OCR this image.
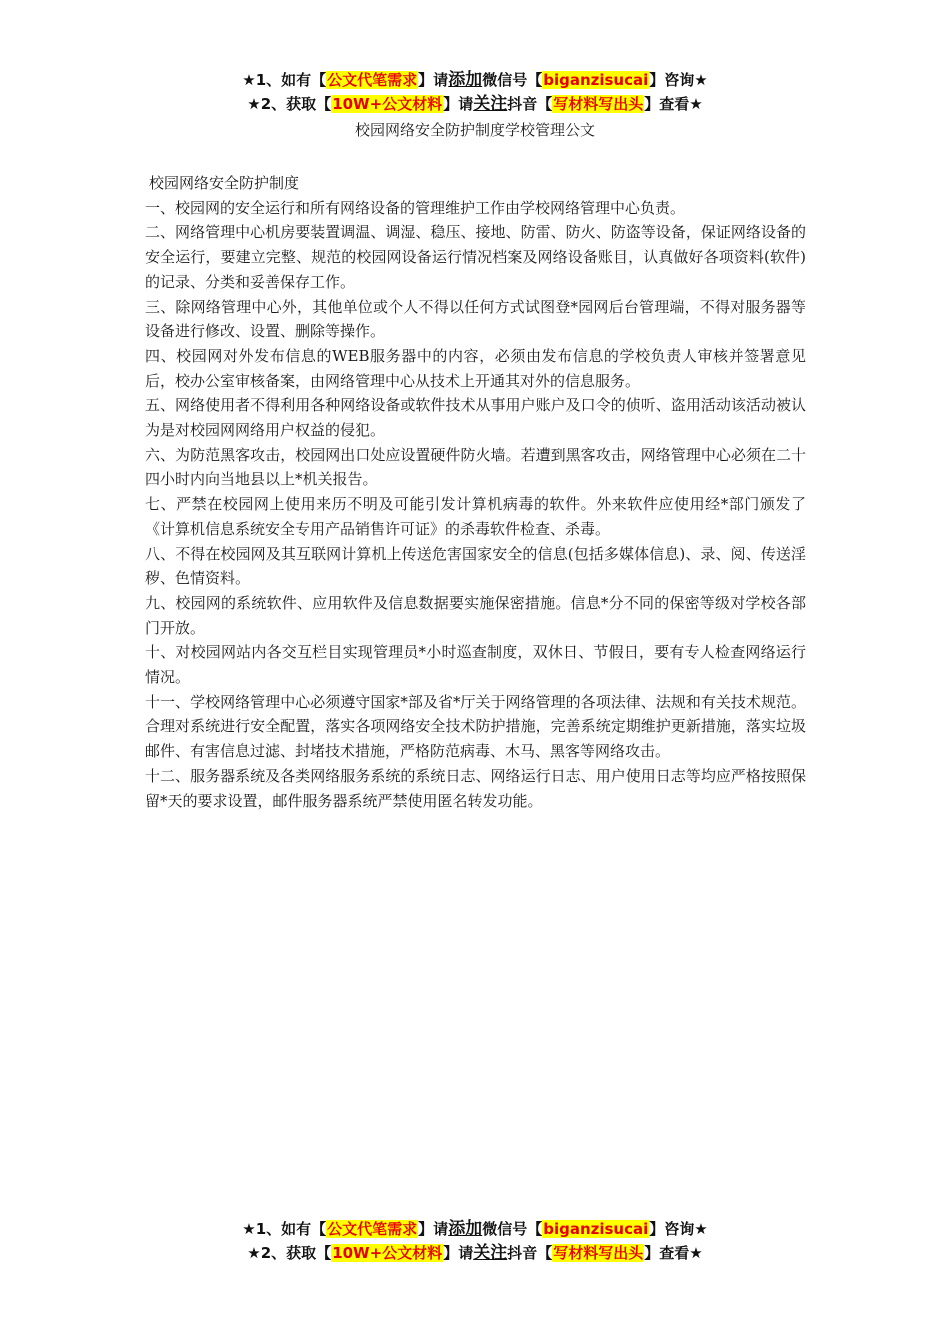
★1、如有【公文代笔需求】请添加微信号【biganzisucai】咨询★
★2、获取【10W+公文材料】请关注抖音【写材料写出头】查看★
校园网络安全防护制度学校管理公文

校园网络安全防护制度

一、校园网的安全运行和所有网络设备的管理维护工作由学校网络管理中心负责。

二、网络管理中心机房要装置调温、调湿、稳压、接地、防雷、防火、防盗等设备，保证网络设备的安全运行，要建立完整、规范的校园网设备运行情况档案及网络设备账目，认真做好各项资料(软件)的记录、分类和妥善保存工作。

三、除网络管理中心外，其他单位或个人不得以任何方式试图登*园网后台管理端，不得对服务器等设备进行修改、设置、删除等操作。

四、校园网对外发布信息的WEB服务器中的内容，必须由发布信息的学校负责人审核并签署意见后，校办公室审核备案，由网络管理中心从技术上开通其对外的信息服务。

五、网络使用者不得利用各种网络设备或软件技术从事用户账户及口令的侦听、盗用活动该活动被认为是对校园网网络用户权益的侵犯。

六、为防范黑客攻击，校园网出口处应设置硬件防火墙。若遭到黑客攻击，网络管理中心必须在二十四小时内向当地县以上*机关报告。

七、严禁在校园网上使用来历不明及可能引发计算机病毒的软件。外来软件应使用经*部门颁发了《计算机信息系统安全专用产品销售许可证》的杀毒软件检查、杀毒。

八、不得在校园网及其互联网计算机上传送危害国家安全的信息(包括多媒体信息)、录、阅、传送淫秽、色情资料。

九、校园网的系统软件、应用软件及信息数据要实施保密措施。信息*分不同的保密等级对学校各部门开放。

十、对校园网站内各交互栏目实现管理员*小时巡查制度，双休日、节假日，要有专人检查网络运行情况。

十一、学校网络管理中心必须遵守国家*部及省*厅关于网络管理的各项法律、法规和有关技术规范。合理对系统进行安全配置，落实各项网络安全技术防护措施，完善系统定期维护更新措施，落实垃圾邮件、有害信息过滤、封堵技术措施，严格防范病毒、木马、黑客等网络攻击。

十二、服务器系统及各类网络服务系统的系统日志、网络运行日志、用户使用日志等均应严格按照保留*天的要求设置，邮件服务器系统严禁使用匿名转发功能。

★1、如有【公文代笔需求】请添加微信号【biganzisucai】咨询★
★2、获取【10W+公文材料】请关注抖音【写材料写出头】查看★
